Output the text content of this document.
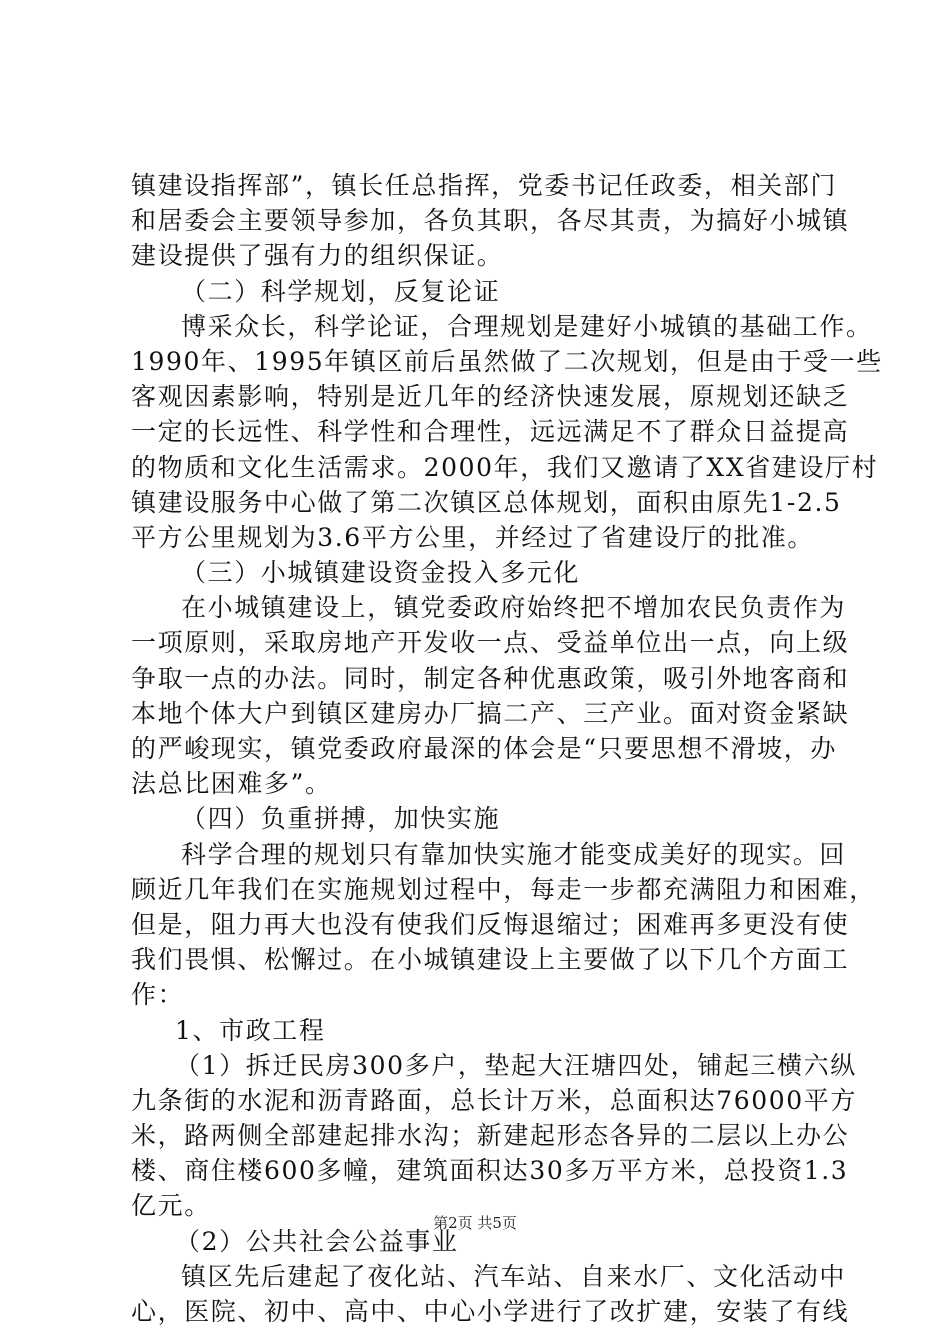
镇建设指挥部”，镇长任总指挥，党委书记任政委，相关部门

和居委会主要领导参加，各负其职，各尽其责，为搞好小城镇

建设提供了强有力的组织保证。

（二）科学规划，反复论证

博采众长，科学论证，合理规划是建好小城镇的基础工作。

1990年、1995年镇区前后虽然做了二次规划，但是由于受一些

客观因素影响，特别是近几年的经济快速发展，原规划还缺乏

一定的长远性、科学性和合理性，远远满足不了群众日益提高

的物质和文化生活需求。2000年，我们又邀请了XX省建设厅村

镇建设服务中心做了第二次镇区总体规划，面积由原先1-2.5

平方公里规划为3.6平方公里，并经过了省建设厅的批准。

（三）小城镇建设资金投入多元化

在小城镇建设上，镇党委政府始终把不增加农民负责作为

一项原则，采取房地产开发收一点、受益单位出一点，向上级

争取一点的办法。同时，制定各种优惠政策，吸引外地客商和

本地个体大户到镇区建房办厂搞二产、三产业。面对资金紧缺

的严峻现实，镇党委政府最深的体会是“只要思想不滑坡，办

法总比困难多”。

（四）负重拼搏，加快实施

科学合理的规划只有靠加快实施才能变成美好的现实。回

顾近几年我们在实施规划过程中，每走一步都充满阻力和困难，

但是，阻力再大也没有使我们反悔退缩过；困难再多更没有使

我们畏惧、松懈过。在小城镇建设上主要做了以下几个方面工

作：

1、市政工程

（1）拆迁民房300多户，垫起大汪塘四处，铺起三横六纵

九条街的水泥和沥青路面，总长计万米，总面积达76000平方

米，路两侧全部建起排水沟；新建起形态各异的二层以上办公

楼、商住楼600多幢，建筑面积达30多万平方米，总投资1.3

亿元。

（2）公共社会公益事业

镇区先后建起了夜化站、汽车站、自来水厂、文化活动中

心，医院、初中、高中、中心小学进行了改扩建，安装了有线

第2页 共5页
